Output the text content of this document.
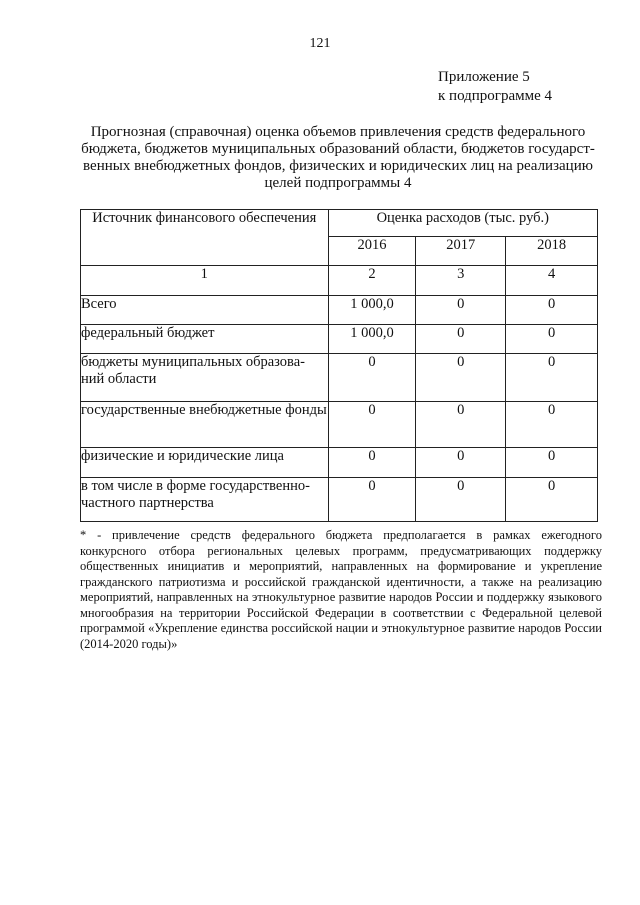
121
Приложение 5
к подпрограмме 4
Прогнозная (справочная) оценка объемов привлечения средств федерального бюджета, бюджетов муниципальных образований области, бюджетов государст-венных внебюджетных фондов, физических и юридических лиц на реализацию целей подпрограммы 4
Источник финансового обеспечения	Оценка расходов (тыс. руб.)		
	2016	2017	2018
1	2	3	4
Всего	1 000,0	0	0
федеральный бюджет	1 000,0	0	0
бюджеты муниципальных образова-ний области	0	0	0
государственные внебюджетные фонды	0	0	0
физические и юридические лица	0	0	0
в том числе в форме государственно-частного партнерства	0	0	0
* - привлечение средств федерального бюджета предполагается в рамках ежегодного конкурсного отбора региональных целевых программ, предусматривающих поддержку общественных инициатив и мероприятий, направленных на формирование и укрепление гражданского патриотизма и российской гражданской идентичности, а также на реализацию мероприятий, направленных на этнокультурное развитие народов России и поддержку языкового многообразия на территории Российской Федерации в соответствии с Федеральной целевой программой «Укрепление единства российской нации и этнокультурное развитие народов России (2014-2020 годы)»
